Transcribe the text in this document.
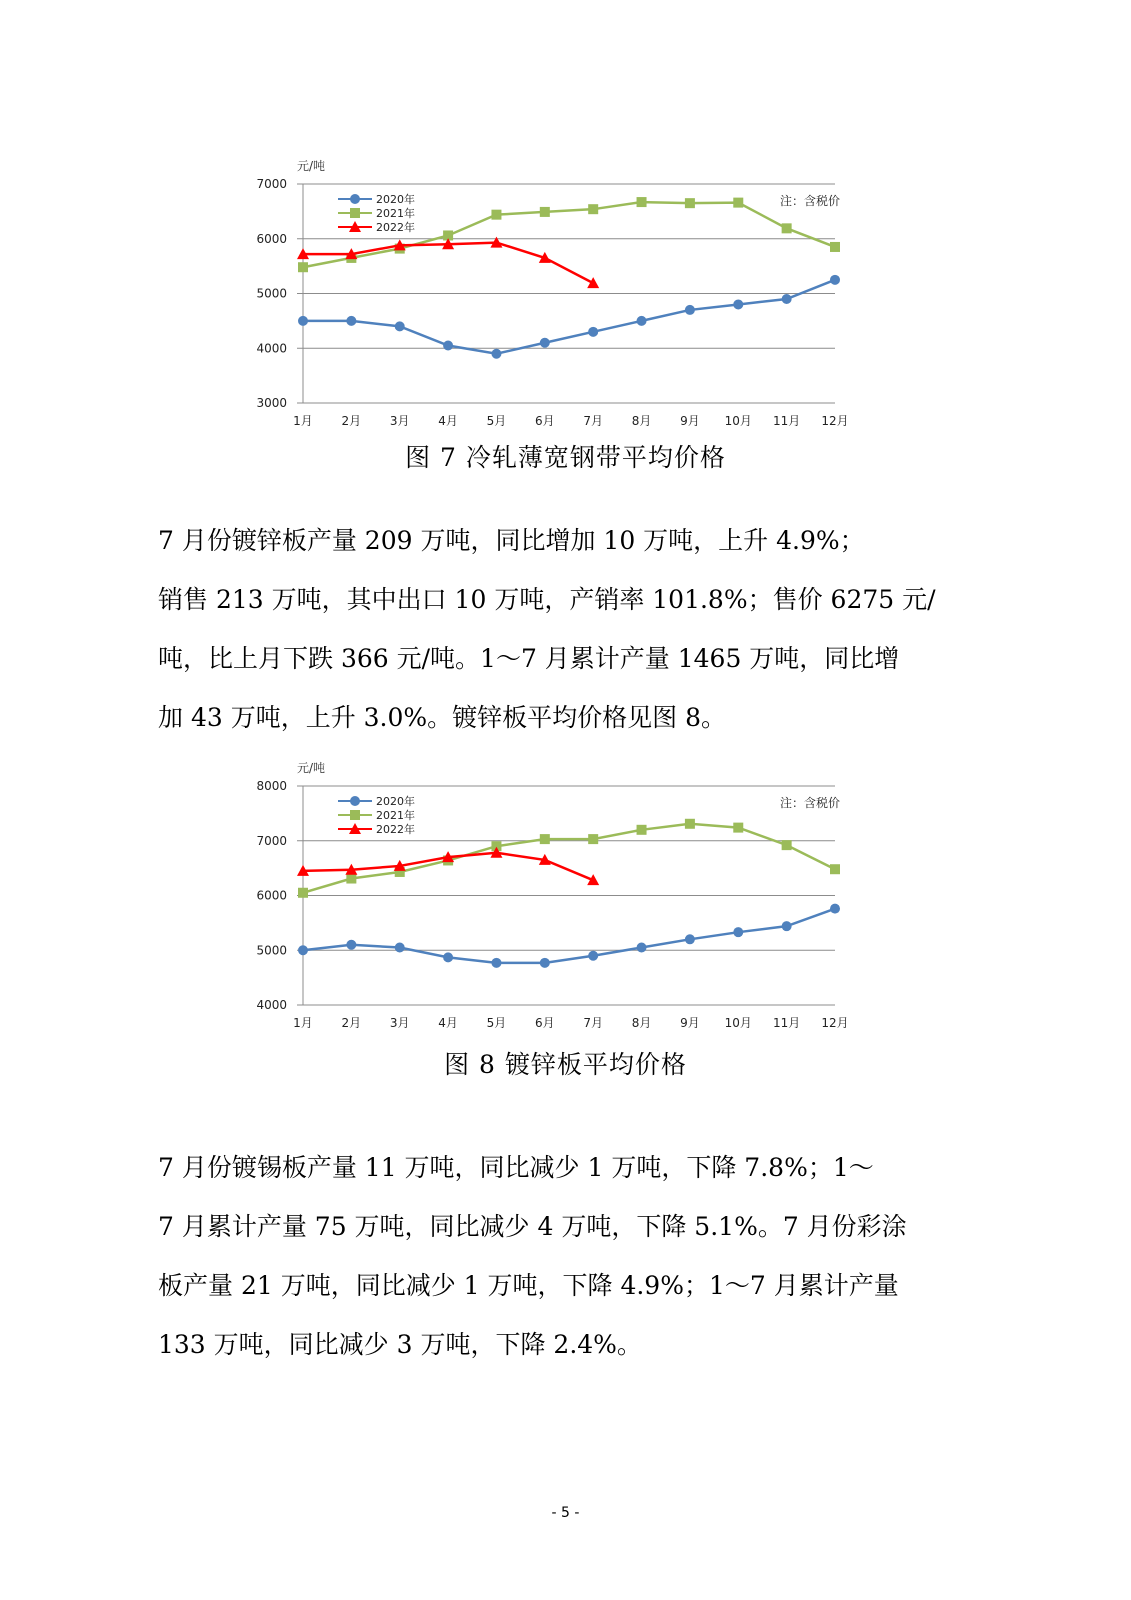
元/吨
3000
4000
5000
6000
7000
1月 2月 3月 4月 5月 6月 7月 8月 9月 10月 11月 12月
2020年
2021年
2022年
注：含税价
图 7 冷轧薄宽钢带平均价格
7 月份镀锌板产量 209 万吨，同比增加 10 万吨，上升 4.9%；
销售 213 万吨，其中出口 10 万吨，产销率 101.8%；售价 6275 元/
吨，比上月下跌 366 元/吨。1～7 月累计产量 1465 万吨，同比增
加 43 万吨，上升 3.0%。镀锌板平均价格见图 8。
元/吨
4000
5000
6000
7000
8000
1月 2月 3月 4月 5月 6月 7月 8月 9月 10月 11月 12月
2020年
2021年
2022年
注：含税价
图 8 镀锌板平均价格
7 月份镀锡板产量 11 万吨，同比减少 1 万吨，下降 7.8%；1～
7 月累计产量 75 万吨，同比减少 4 万吨，下降 5.1%。7 月份彩涂
板产量 21 万吨，同比减少 1 万吨，下降 4.9%；1～7 月累计产量
133 万吨，同比减少 3 万吨，下降 2.4%。
- 5 -
